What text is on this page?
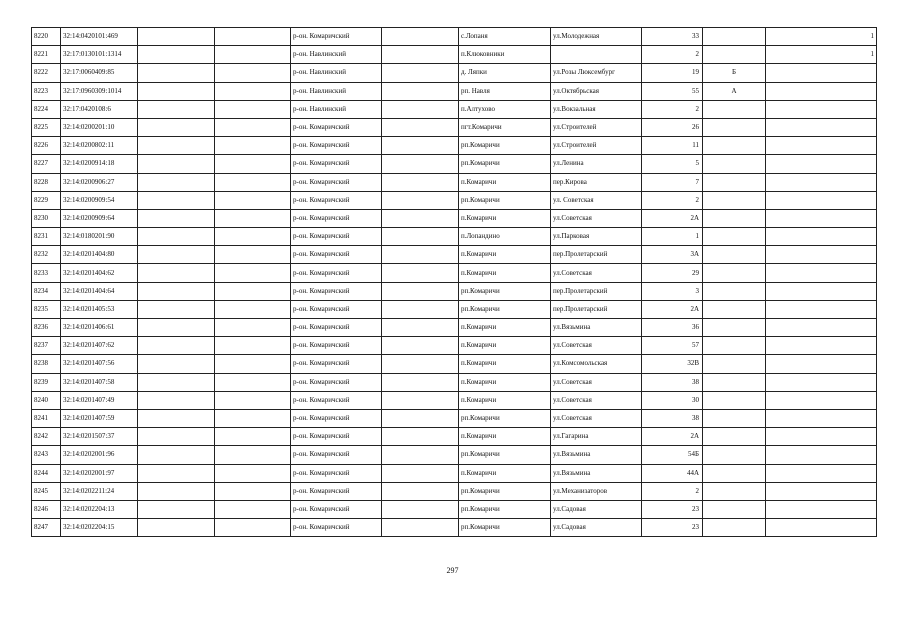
8220	32:14:0420101:469			р-он. Комаричский		с.Лопаня	ул.Молодежная	33		1
8221	32:17:0130101:1314			р-он. Навлинский		п.Клюковники		2		1
8222	32:17:0060409:85			р-он. Навлинский		д. Ляпки	ул.Розы Люксембург	19	Б	
8223	32:17:0960309:1014			р-он. Навлинский		рп. Навля	ул.Октябрьская	55	А	
8224	32:17:0420108:6			р-он. Навлинский		п.Алтухово	ул.Вокзальная	2		
8225	32:14:0200201:10			р-он. Комаричский		пгт.Комаричи	ул.Строителей	26		
8226	32:14:0200802:11			р-он. Комаричский		рп.Комаричи	ул.Строителей	11		
8227	32:14:0200914:18			р-он. Комаричский		рп.Комаричи	ул.Ленина	5		
8228	32:14:0200906:27			р-он. Комаричский		п.Комаричи	пер.Кирова	7		
8229	32:14:0200909:54			р-он. Комаричский		рп.Комаричи	ул. Советская	2		
8230	32:14:0200909:64			р-он. Комаричский		п.Комаричи	ул.Советская	2А		
8231	32:14:0180201:90			р-он. Комаричский		п.Лопандино	ул.Парковая	1		
8232	32:14:0201404:80			р-он. Комаричский		п.Комаричи	пер.Пролетарский	3А		
8233	32:14:0201404:62			р-он. Комаричский		п.Комаричи	ул.Советская	29		
8234	32:14:0201404:64			р-он. Комаричский		рп.Комаричи	пер.Пролетарский	3		
8235	32:14:0201405:53			р-он. Комаричский		рп.Комаричи	пер.Пролетарский	2А		
8236	32:14:0201406:61			р-он. Комаричский		п.Комаричи	ул.Вязьмина	36		
8237	32:14:0201407:62			р-он. Комаричский		п.Комаричи	ул.Советская	57		
8238	32:14:0201407:56			р-он. Комаричский		п.Комаричи	ул.Комсомольская	32В		
8239	32:14:0201407:58			р-он. Комаричский		п.Комаричи	ул.Советская	38		
8240	32:14:0201407:49			р-он. Комаричский		п.Комаричи	ул.Советская	30		
8241	32:14:0201407:59			р-он. Комаричский		рп.Комаричи	ул.Советская	38		
8242	32:14:0201507:37			р-он. Комаричский		п.Комаричи	ул.Гагарина	2А		
8243	32:14:0202001:96			р-он. Комаричский		рп.Комаричи	ул.Вязьмина	54Б		
8244	32:14:0202001:97			р-он. Комаричский		п.Комаричи	ул.Вязьмина	44А		
8245	32:14:0202211:24			р-он. Комаричский		рп.Комаричи	ул.Механизаторов	2		
8246	32:14:0202204:13			р-он. Комаричский		рп.Комаричи	ул.Садовая	23		
8247	32:14:0202204:15			р-он. Комаричский		рп.Комаричи	ул.Садовая	23		
297
